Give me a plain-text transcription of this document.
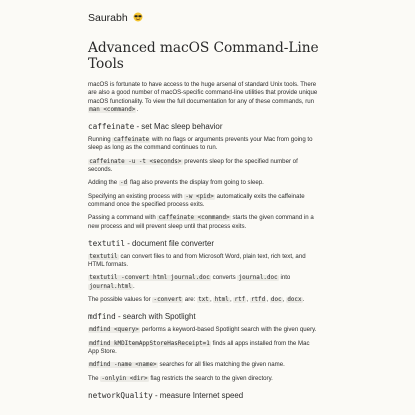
Saurabh
Advanced macOS Command-Line Tools

macOS is fortunate to have access to the huge arsenal of standard Unix tools. There are also a good number of macOS-specific command-line utilities that provide unique macOS functionality. To view the full documentation for any of these commands, run man <command>.

caffeinate - set Mac sleep behavior

Running caffeinate with no flags or arguments prevents your Mac from going to sleep as long as the command continues to run.

caffeinate -u -t <seconds> prevents sleep for the specified number of seconds.

Adding the -d flag also prevents the display from going to sleep.

Specifying an existing process with -w <pid> automatically exits the caffeinate command once the specified process exits.

Passing a command with caffeinate <command> starts the given command in a new process and will prevent sleep until that process exits.

textutil - document file converter

textutil can convert files to and from Microsoft Word, plain text, rich text, and HTML formats.

textutil -convert html journal.doc converts journal.doc into journal.html.

The possible values for -convert are: txt, html, rtf, rtfd, doc, docx.

mdfind - search with Spotlight

mdfind <query> performs a keyword-based Spotlight search with the given query.

mdfind kMDItemAppStoreHasReceipt=1 finds all apps installed from the Mac App Store.

mdfind -name <name> searches for all files matching the given name.

The -onlyin <dir> flag restricts the search to the given directory.

networkQuality - measure Internet speed
